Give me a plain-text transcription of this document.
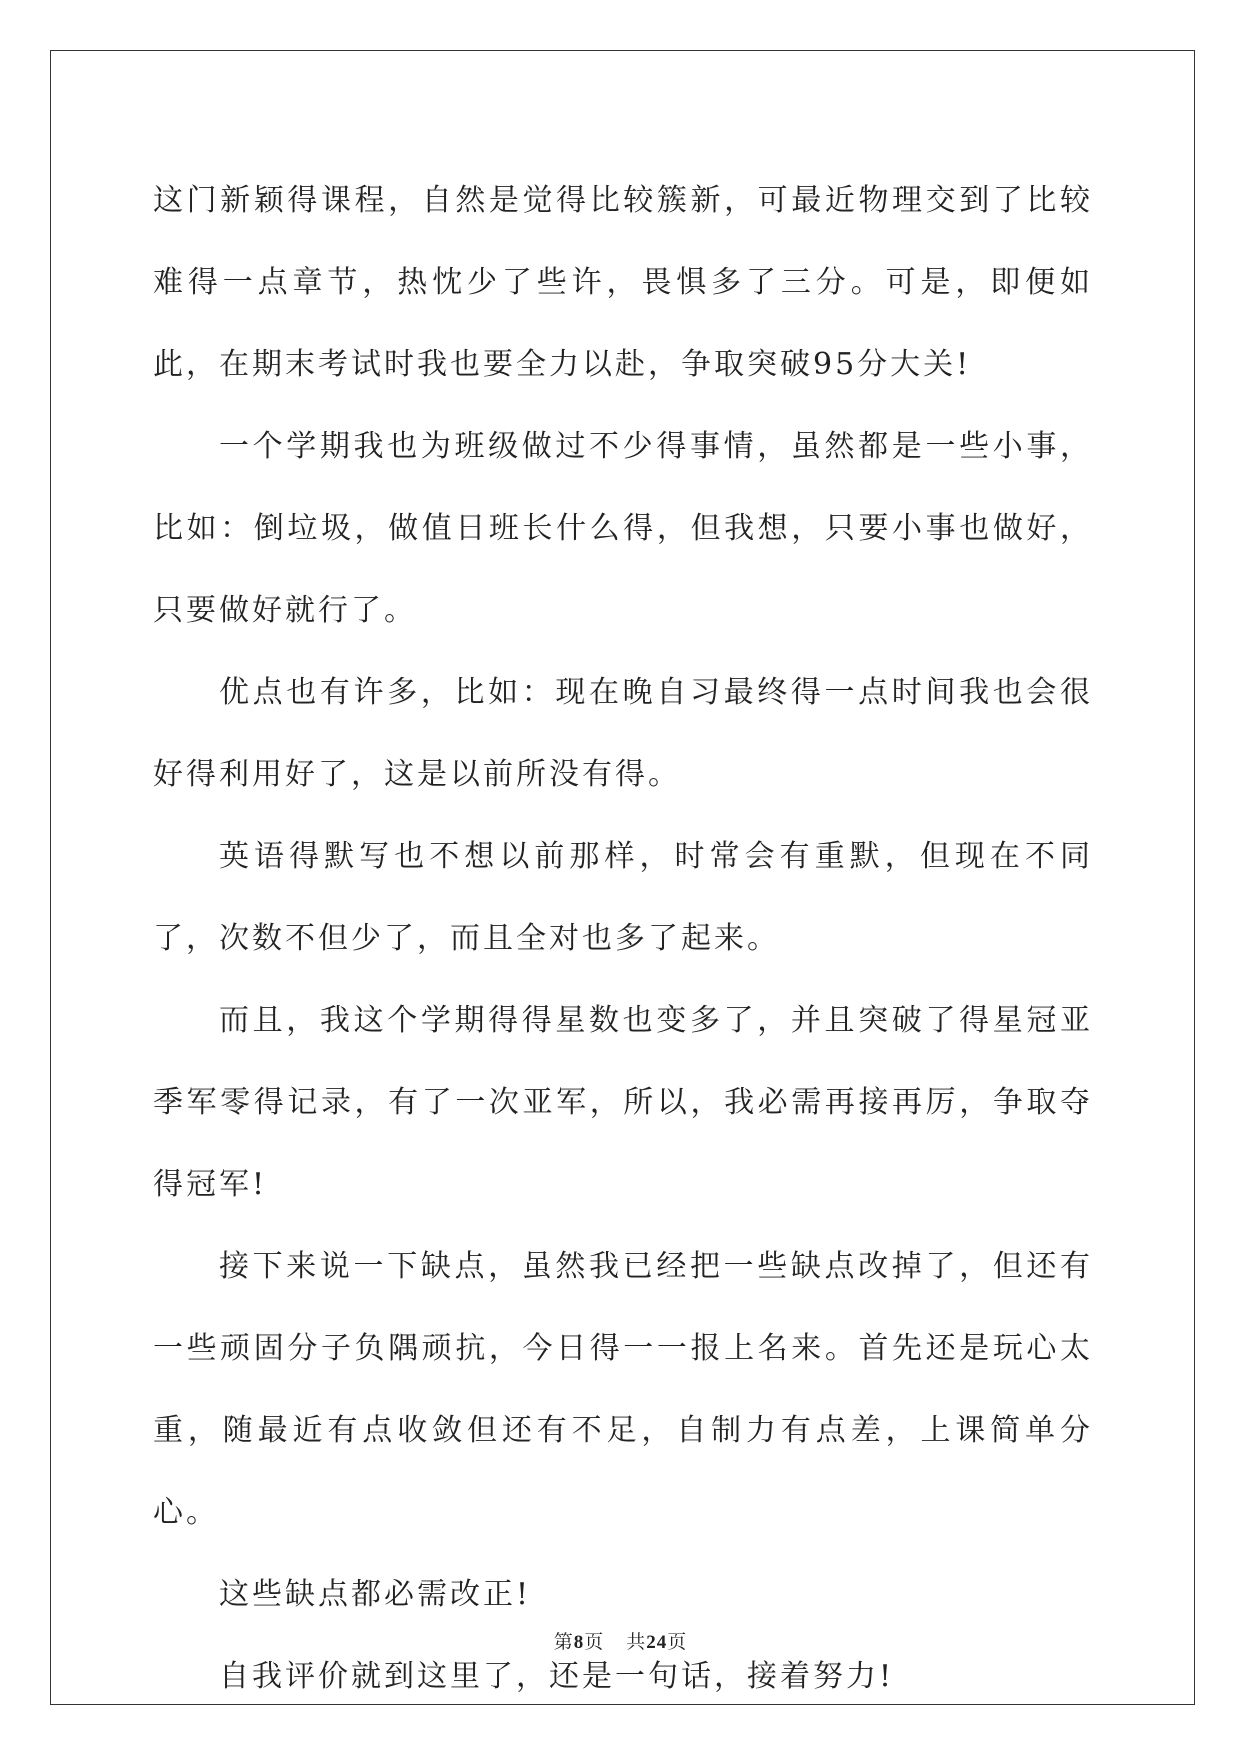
这门新颖得课程，自然是觉得比较簇新，可最近物理交到了比较难得一点章节，热忱少了些许，畏惧多了三分。可是，即便如此，在期末考试时我也要全力以赴，争取突破95分大关!

一个学期我也为班级做过不少得事情，虽然都是一些小事，比如：倒垃圾，做值日班长什么得，但我想，只要小事也做好，只要做好就行了。

优点也有许多，比如：现在晚自习最终得一点时间我也会很好得利用好了，这是以前所没有得。

英语得默写也不想以前那样，时常会有重默，但现在不同了，次数不但少了，而且全对也多了起来。

而且，我这个学期得得星数也变多了，并且突破了得星冠亚季军零得记录，有了一次亚军，所以，我必需再接再厉，争取夺得冠军!

接下来说一下缺点，虽然我已经把一些缺点改掉了，但还有一些顽固分子负隅顽抗，今日得一一报上名来。首先还是玩心太重，随最近有点收敛但还有不足，自制力有点差，上课简单分心。

这些缺点都必需改正!

自我评价就到这里了，还是一句话，接着努力!

第8页 共24页
